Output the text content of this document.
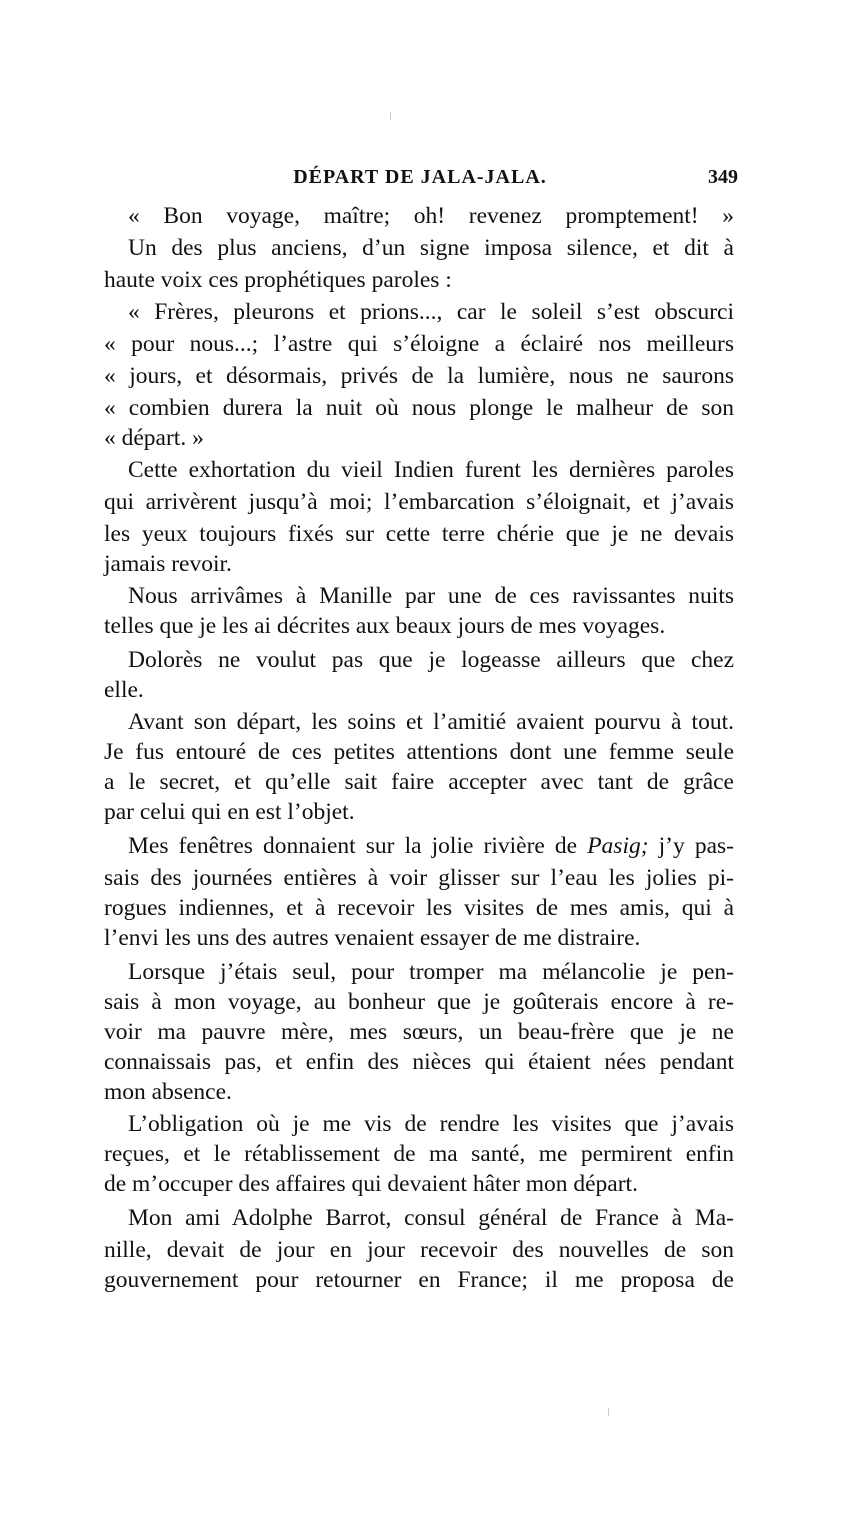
DÉPART DE JALA-JALA.	349
« Bon voyage, maître; oh! revenez promptement! »
Un des plus anciens, d’un signe imposa silence, et dit à
haute voix ces prophétiques paroles :
« Frères, pleurons et prions..., car le soleil s’est obscurci
« pour nous...; l’astre qui s’éloigne a éclairé nos meilleurs
« jours, et désormais, privés de la lumière, nous ne saurons
« combien durera la nuit où nous plonge le malheur de son
« départ. »
Cette exhortation du vieil Indien furent les dernières paroles
qui arrivèrent jusqu’à moi; l’embarcation s’éloignait, et j’avais
les yeux toujours fixés sur cette terre chérie que je ne devais
jamais revoir.
Nous arrivâmes à Manille par une de ces ravissantes nuits
telles que je les ai décrites aux beaux jours de mes voyages.
Dolorès ne voulut pas que je logeasse ailleurs que chez
elle.
Avant son départ, les soins et l’amitié avaient pourvu à tout.
Je fus entouré de ces petites attentions dont une femme seule
a le secret, et qu’elle sait faire accepter avec tant de grâce
par celui qui en est l’objet.
Mes fenêtres donnaient sur la jolie rivière de Pasig; j’y pas-
sais des journées entières à voir glisser sur l’eau les jolies pi-
rogues indiennes, et à recevoir les visites de mes amis, qui à
l’envi les uns des autres venaient essayer de me distraire.
Lorsque j’étais seul, pour tromper ma mélancolie je pen-
sais à mon voyage, au bonheur que je goûterais encore à re-
voir ma pauvre mère, mes sœurs, un beau-frère que je ne
connaissais pas, et enfin des nièces qui étaient nées pendant
mon absence.
L’obligation où je me vis de rendre les visites que j’avais
reçues, et le rétablissement de ma santé, me permirent enfin
de m’occuper des affaires qui devaient hâter mon départ.
Mon ami Adolphe Barrot, consul général de France à Ma-
nille, devait de jour en jour recevoir des nouvelles de son
gouvernement pour retourner en France; il me proposa de
